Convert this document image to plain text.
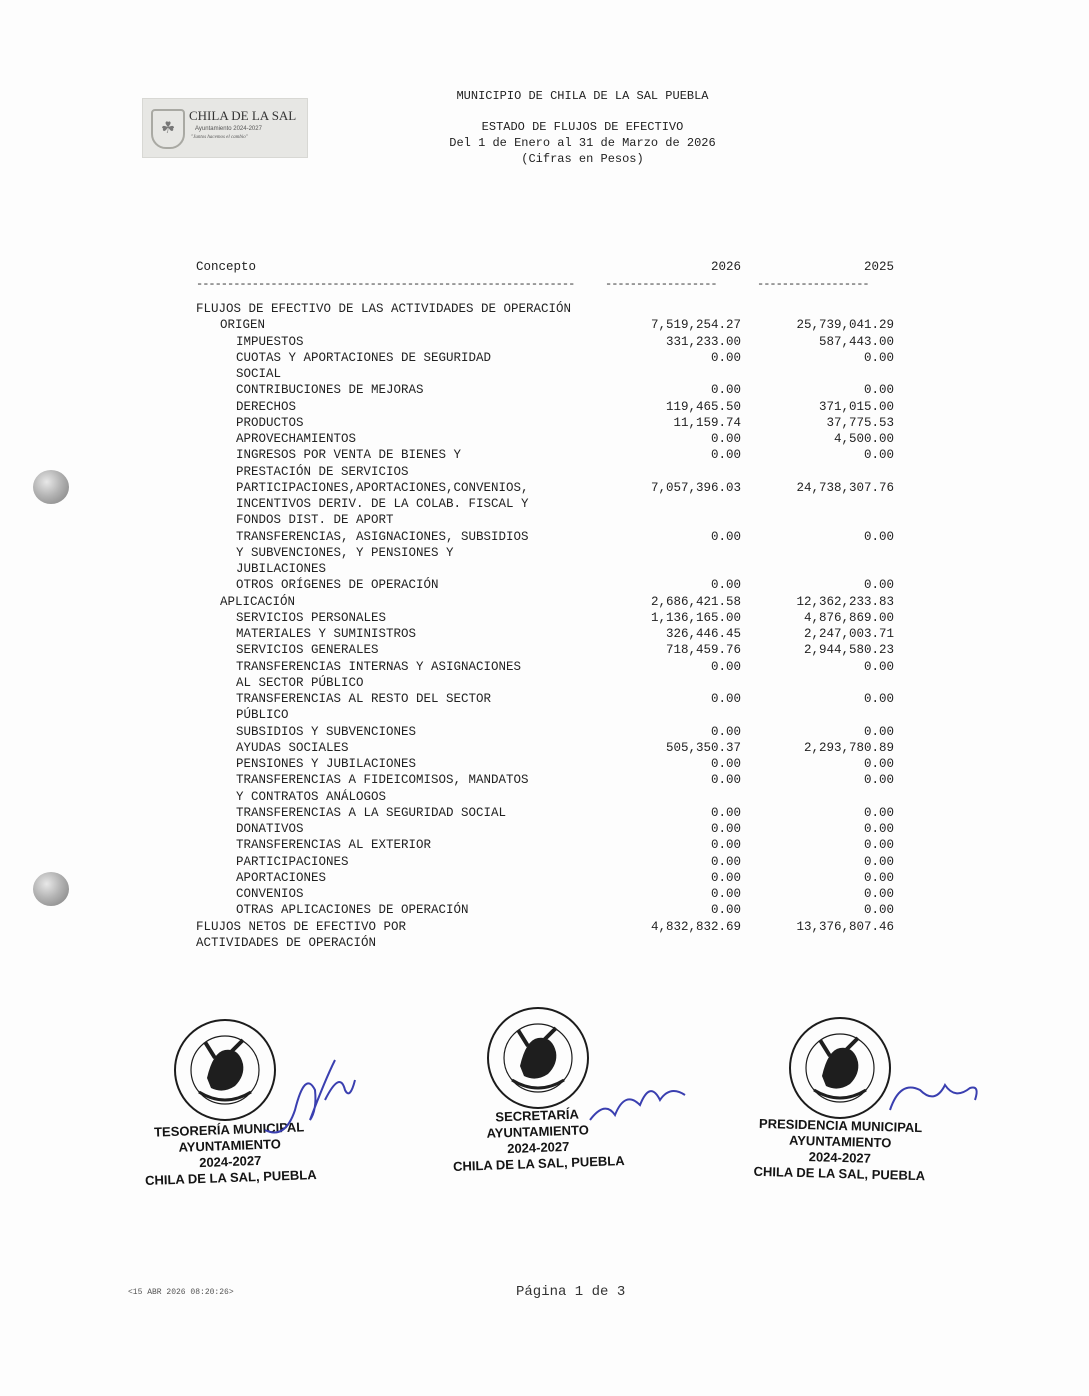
☘
CHILA DE LA SAL
Ayuntamiento 2024-2027
"Juntos hacemos el cambio"
MUNICIPIO DE CHILA DE LA SAL PUEBLA
ESTADO DE FLUJOS DE EFECTIVO
Del 1 de Enero al 31 de Marzo de 2026
(Cifras en Pesos)
Concepto	2026	2025
-------------------------------------------------------------	------------------	------------------
FLUJOS DE EFECTIVO DE LAS ACTIVIDADES DE OPERACIÓN
ORIGEN	7,519,254.27	25,739,041.29
IMPUESTOS	331,233.00	587,443.00
CUOTAS Y APORTACIONES DE SEGURIDAD	0.00	0.00
SOCIAL
CONTRIBUCIONES DE MEJORAS	0.00	0.00
DERECHOS	119,465.50	371,015.00
PRODUCTOS	11,159.74	37,775.53
APROVECHAMIENTOS	0.00	4,500.00
INGRESOS POR VENTA DE BIENES Y	0.00	0.00
PRESTACIÓN DE SERVICIOS
PARTICIPACIONES,APORTACIONES,CONVENIOS,	7,057,396.03	24,738,307.76
INCENTIVOS DERIV. DE LA COLAB. FISCAL Y
FONDOS DIST. DE APORT
TRANSFERENCIAS, ASIGNACIONES, SUBSIDIOS	0.00	0.00
Y SUBVENCIONES, Y PENSIONES Y
JUBILACIONES
OTROS ORÍGENES DE OPERACIÓN	0.00	0.00
APLICACIÓN	2,686,421.58	12,362,233.83
SERVICIOS PERSONALES	1,136,165.00	4,876,869.00
MATERIALES Y SUMINISTROS	326,446.45	2,247,003.71
SERVICIOS GENERALES	718,459.76	2,944,580.23
TRANSFERENCIAS INTERNAS Y ASIGNACIONES	0.00	0.00
AL SECTOR PÚBLICO
TRANSFERENCIAS AL RESTO DEL SECTOR	0.00	0.00
PÚBLICO
SUBSIDIOS Y SUBVENCIONES	0.00	0.00
AYUDAS SOCIALES	505,350.37	2,293,780.89
PENSIONES Y JUBILACIONES	0.00	0.00
TRANSFERENCIAS A FIDEICOMISOS, MANDATOS	0.00	0.00
Y CONTRATOS ANÁLOGOS
TRANSFERENCIAS A LA SEGURIDAD SOCIAL	0.00	0.00
DONATIVOS	0.00	0.00
TRANSFERENCIAS AL EXTERIOR	0.00	0.00
PARTICIPACIONES	0.00	0.00
APORTACIONES	0.00	0.00
CONVENIOS	0.00	0.00
OTRAS APLICACIONES DE OPERACIÓN	0.00	0.00
FLUJOS NETOS DE EFECTIVO POR	4,832,832.69	13,376,807.46
ACTIVIDADES DE OPERACIÓN
TESORERÍA MUNICIPAL
AYUNTAMIENTO
2024-2027
CHILA DE LA SAL, PUEBLA
SECRETARÍA
AYUNTAMIENTO
2024-2027
CHILA DE LA SAL, PUEBLA
PRESIDENCIA MUNICIPAL
AYUNTAMIENTO
2024-2027
CHILA DE LA SAL, PUEBLA
<15 ABR 2026 08:20:26>	Página 1 de 3
